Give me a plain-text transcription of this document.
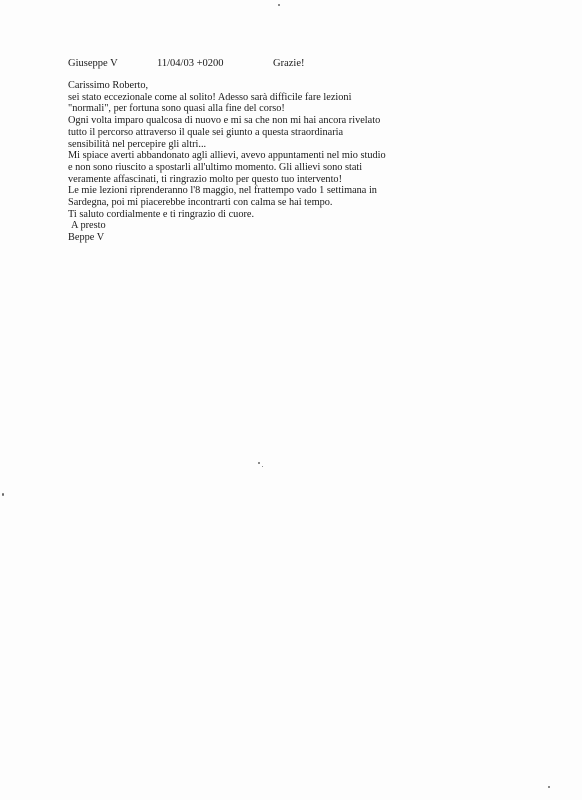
Giuseppe V	11/04/03 +0200	Grazie!
Carissimo Roberto,
sei stato eccezionale come al solito! Adesso sarà difficile fare lezioni
"normali", per fortuna sono quasi alla fine del corso!
Ogni volta imparo qualcosa di nuovo e mi sa che non mi hai ancora rivelato
tutto il percorso attraverso il quale sei giunto a questa straordinaria
sensibilità nel percepire gli altri...
Mi spiace averti abbandonato agli allievi, avevo appuntamenti nel mio studio
e non sono riuscito a spostarli all'ultimo momento. Gli allievi sono stati
veramente affascinati, ti ringrazio molto per questo tuo intervento!
Le mie lezioni riprenderanno l'8 maggio, nel frattempo vado 1 settimana in
Sardegna, poi mi piacerebbe incontrarti con calma se hai tempo.
Ti saluto cordialmente e ti ringrazio di cuore.
A presto
Beppe V
